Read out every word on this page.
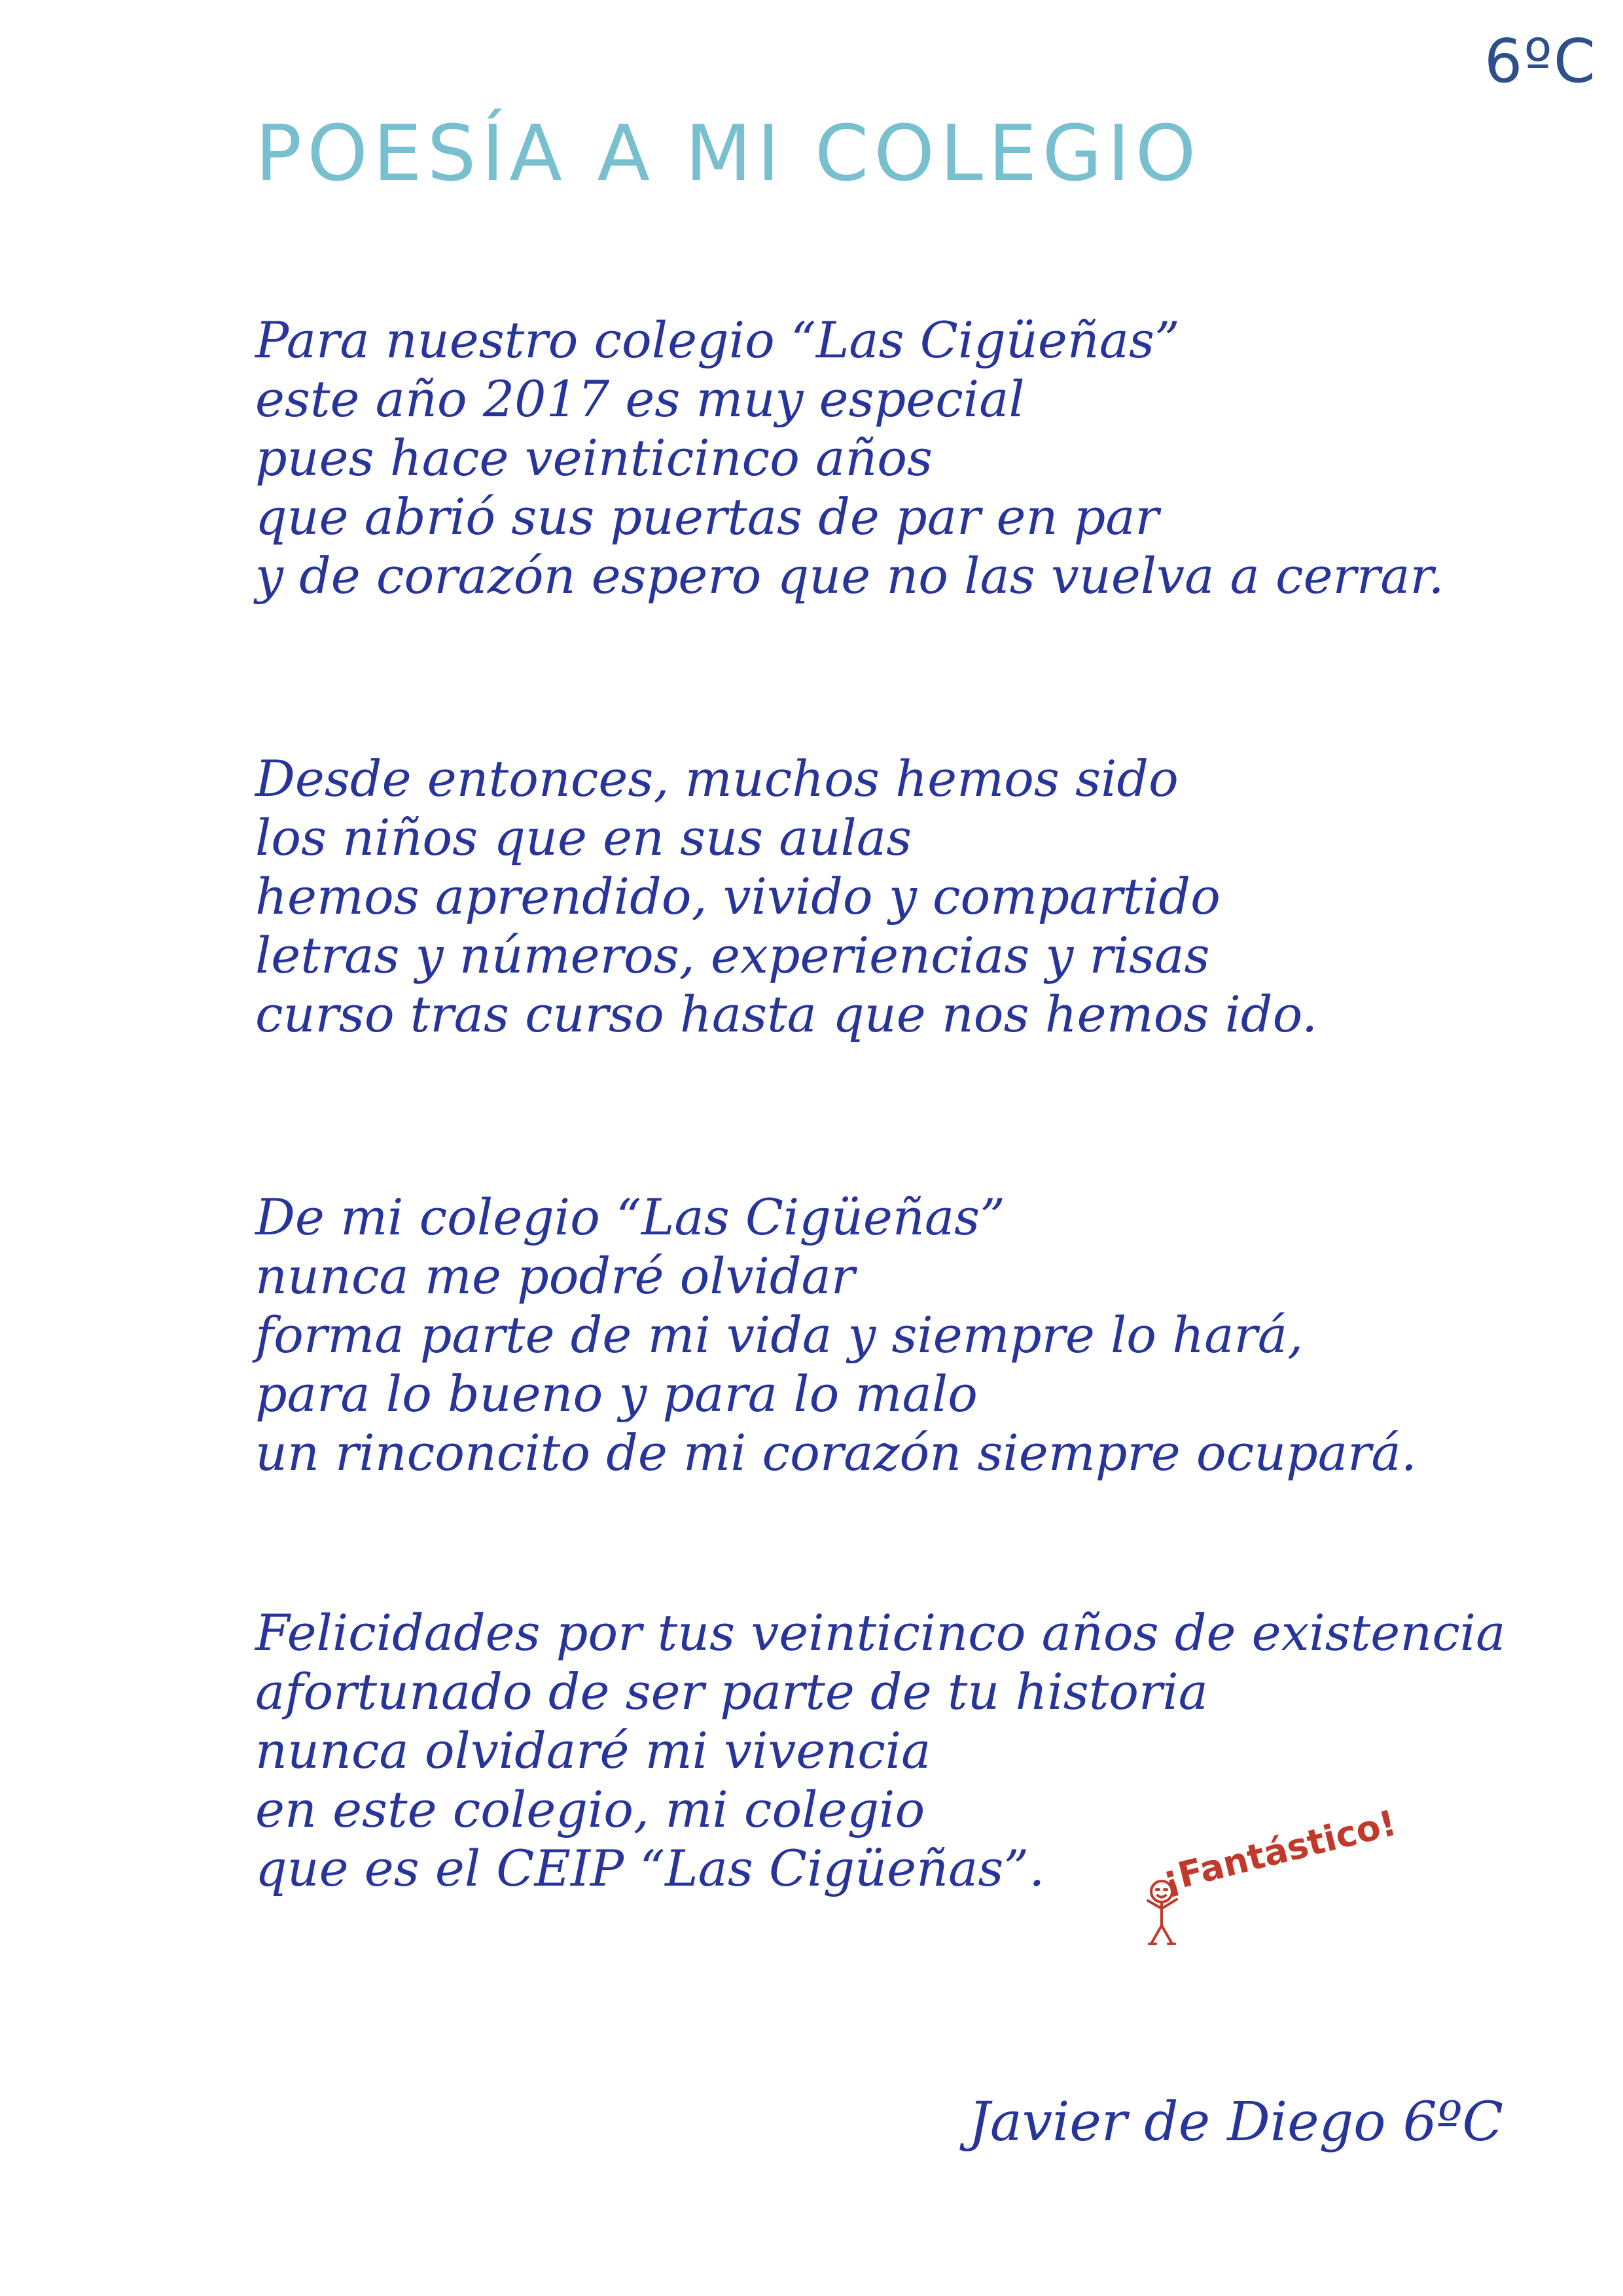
6ºC
POESÍA A MI COLEGIO
Para nuestro colegio “Las Cigüeñas”
este año 2017 es muy especial
pues hace veinticinco años
que abrió sus puertas de par en par
y de corazón espero que no las vuelva a cerrar.
Desde entonces, muchos hemos sido
los niños que en sus aulas
hemos aprendido, vivido y compartido
letras y números, experiencias y risas
curso tras curso hasta que nos hemos ido.
De mi colegio “Las Cigüeñas”
nunca me podré olvidar
forma parte de mi vida y siempre lo hará,
para lo bueno y para lo malo
un rinconcito de mi corazón siempre ocupará.
Felicidades por tus veinticinco años de existencia
afortunado de ser parte de tu historia
nunca olvidaré mi vivencia
en este colegio, mi colegio
que es el CEIP “Las Cigüeñas”.	¡Fantástico!
Javier de Diego 6ºC
